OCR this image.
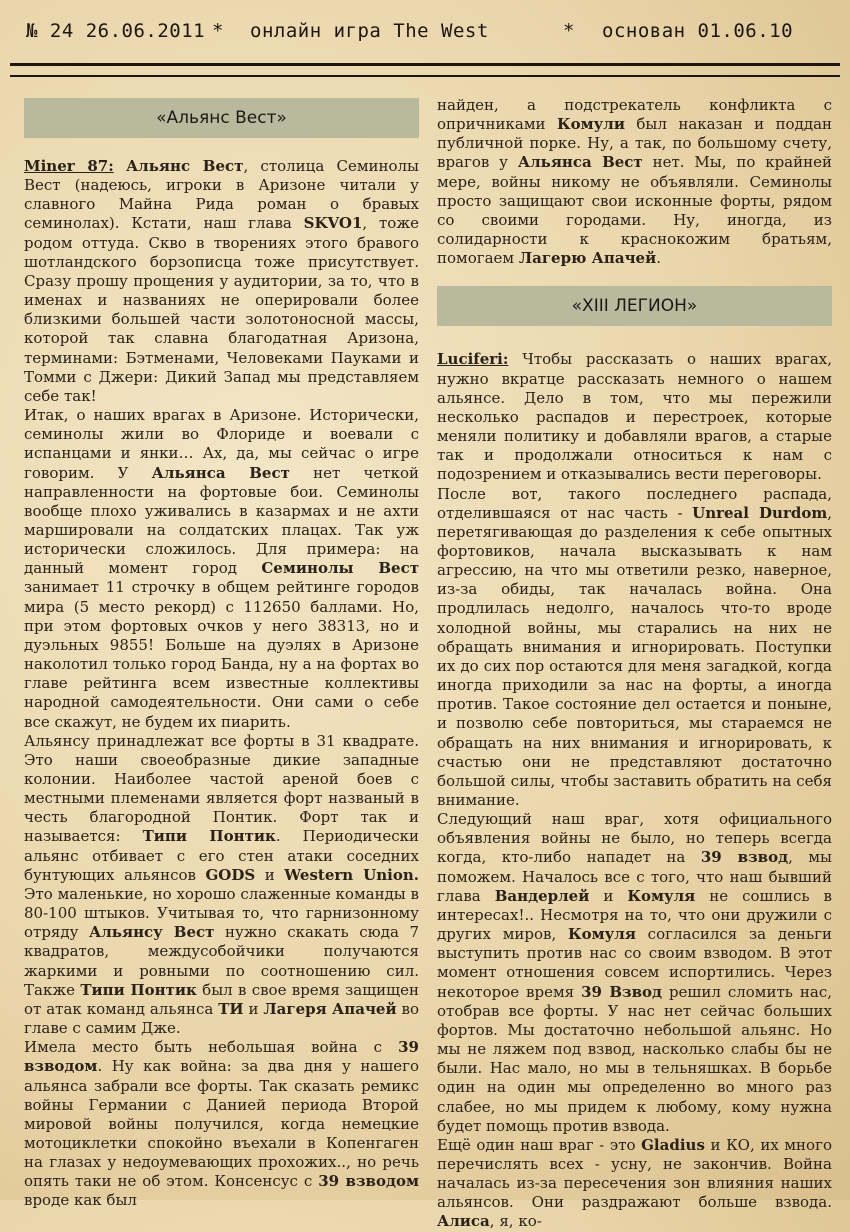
№ 24 26.06.2011 * онлайн игра The West	* основан 01.06.10
«Альянс Вест»

Miner 87: Альянс Вест, столица Семинолы Вест (надеюсь, игроки в Аризоне читали у славного Майна Рида роман о бравых семинолах). Кстати, наш глава SKVO1, тоже родом оттуда. Скво в творениях этого бравого шотландского борзописца тоже присутствует. Сразу прошу прощения у аудитории, за то, что в именах и названиях не оперировали более близкими большей части золотоносной массы, которой так славна благодатная Аризона, терминами: Бэтменами, Человеками Пауками и Томми с Джери: Дикий Запад мы представляем себе так!

Итак, о наших врагах в Аризоне. Исторически, семинолы жили во Флориде и воевали с испанцами и янки… Ах, да, мы сейчас о игре говорим. У Альянса Вест нет четкой направленности на фортовые бои. Семинолы вообще плохо уживались в казармах и не ахти маршировали на солдатских плацах. Так уж исторически сложилось. Для примера: на данный момент город Семинолы Вест занимает 11 строчку в общем рейтинге городов мира (5 место рекорд) с 112650 баллами. Но, при этом фортовых очков у него 38313, но и дуэльных 9855! Больше на дуэлях в Аризоне наколотил только город Банда, ну а на фортах во главе рейтинга всем известные коллективы народной самодеятельности. Они сами о себе все скажут, не будем их пиарить.

Альянсу принадлежат все форты в 31 квадрате. Это наши своеобразные дикие западные колонии. Наиболее частой ареной боев с местными племенами является форт названый в честь благородной Понтик. Форт так и называется: Типи Понтик. Периодически альянс отбивает с его стен атаки соседних бунтующих альянсов GODS и Western Union. Это маленькие, но хорошо слаженные команды в 80-100 штыков. Учитывая то, что гарнизонному отряду Альянсу Вест нужно скакать сюда 7 квадратов, междусобойчики получаются жаркими и ровными по соотношению сил. Также Типи Понтик был в свое время защищен от атак команд альянса ТИ и Лагеря Апачей во главе с самим Дже.

Имела место быть небольшая война с 39 взводом. Ну как война: за два дня у нашего альянса забрали все форты. Так сказать ремикс войны Германии с Данией периода Второй мировой войны получился, когда немецкие мотоциклетки спокойно въехали в Копенгаген на глазах у недоумевающих прохожих.., но речь опять таки не об этом. Консенсус с 39 взводом вроде как был

найден, а подстрекатель конфликта с опричниками Комули был наказан и поддан публичной порке. Ну, а так, по большому счету, врагов у Альянса Вест нет. Мы, по крайней мере, войны никому не объявляли. Семинолы просто защищают свои исконные форты, рядом со своими городами. Ну, иногда, из солидарности к краснокожим братьям, помогаем Лагерю Апачей.

«XIII ЛЕГИОН»

Luciferi: Чтобы рассказать о наших врагах, нужно вкратце рассказать немного о нашем альянсе. Дело в том, что мы пережили несколько распадов и перестроек, которые меняли политику и добавляли врагов, а старые так и продолжали относиться к нам с подозрением и отказывались вести переговоры.

После вот, такого последнего распада, отделившаяся от нас часть - Unreal Durdom, перетягивающая до разделения к себе опытных фортовиков, начала высказывать к нам агрессию, на что мы ответили резко, наверное, из-за обиды, так началась война. Она продлилась недолго, началось что-то вроде холодной войны, мы старались на них не обращать внимания и игнорировать. Поступки их до сих пор остаются для меня загадкой, когда иногда приходили за нас на форты, а иногда против. Такое состояние дел остается и поныне, и позволю себе повториться, мы стараемся не обращать на них внимания и игнорировать, к счастью они не представляют достаточно большой силы, чтобы заставить обратить на себя внимание.

Следующий наш враг, хотя официального объявления войны не было, но теперь всегда когда, кто-либо нападет на 39 взвод, мы поможем. Началось все с того, что наш бывший глава Вандерлей и Комуля не сошлись в интересах!.. Несмотря на то, что они дружили с других миров, Комуля согласился за деньги выступить против нас со своим взводом. В этот момент отношения совсем испортились. Через некоторое время 39 Взвод решил сломить нас, отобрав все форты. У нас нет сейчас больших фортов. Мы достаточно небольшой альянс. Но мы не ляжем под взвод, насколько слабы бы не были. Нас мало, но мы в тельняшках. В борьбе один на один мы определенно во много раз слабее, но мы придем к любому, кому нужна будет помощь против взвода.

Ещё один наш враг - это Gladius и КО, их много перечислять всех - усну, не закончив. Война началась из-за пересечения зон влияния наших альянсов. Они раздражают больше взвода. Алиса, я, ко-
